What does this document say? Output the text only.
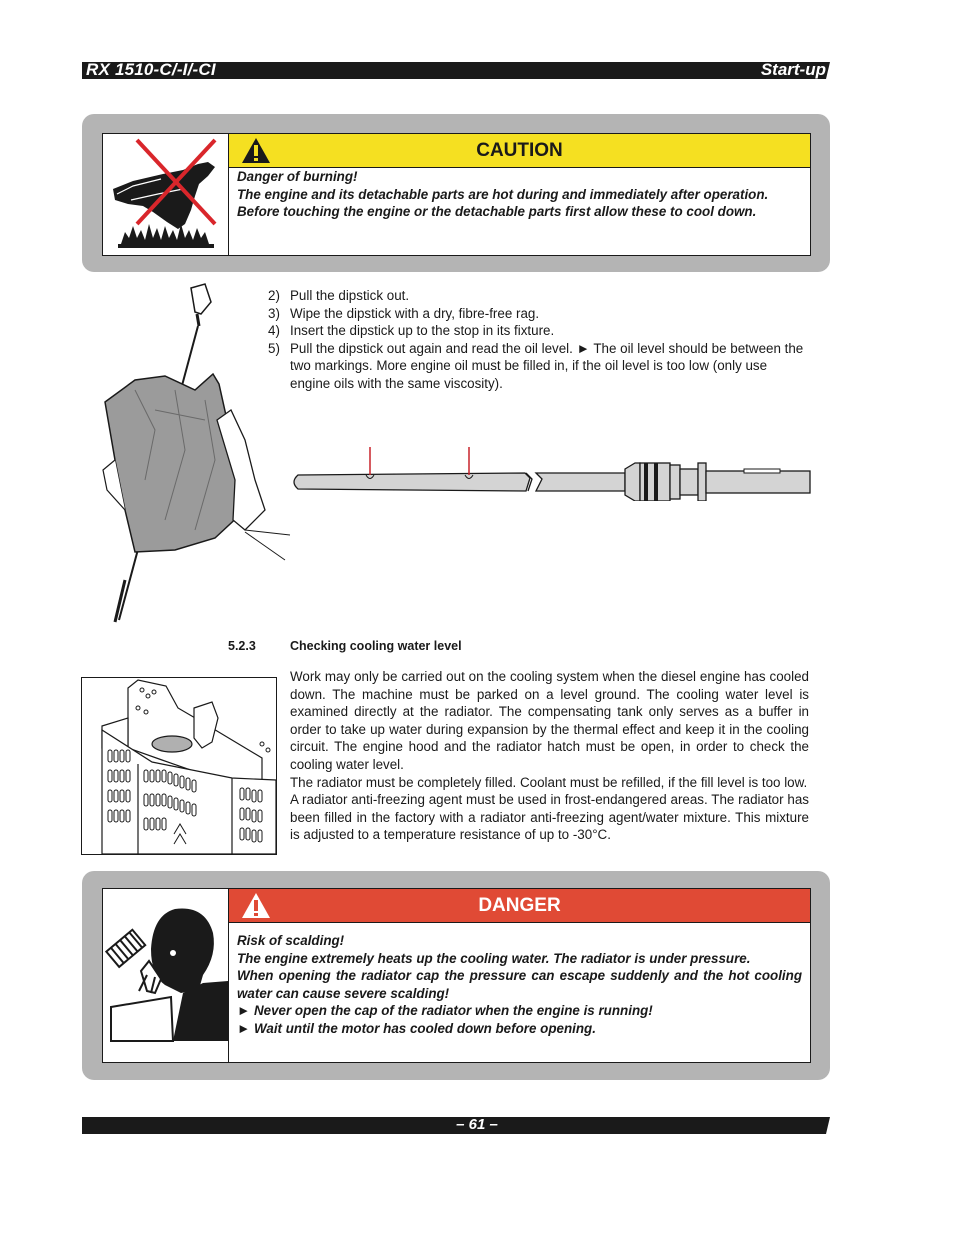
RX 1510-C/-I/-CI	Start-up
CAUTION

Danger of burning!

The engine and its detachable parts are hot during and immediately after operation.

Before touching the engine or the detachable parts first allow these to cool down.

2) Pull the dipstick out.
3) Wipe the dipstick with a dry, fibre-free rag.
4) Insert the dipstick up to the stop in its fixture.
5) Pull the dipstick out again and read the oil level. ► The oil level should be between the two markings. More engine oil must be filled in, if the oil level is too low (only use engine oils with the same viscosity).
5.2.3	Checking cooling water level

Work may only be carried out on the cooling system when the diesel engine has cooled down. The machine must be parked on a level ground. The cooling water level is examined directly at the radiator. The compensating tank only serves as a buffer in order to take up water during expansion by the thermal effect and keep it in the cooling circuit. The engine hood and the radiator hatch must be open, in order to check the cooling water level.

The radiator must be completely filled. Coolant must be refilled, if the fill level is too low.

A radiator anti-freezing agent must be used in frost-endangered areas. The radiator has been filled in the factory with a radiator anti-freezing agent/water mixture. This mixture is adjusted to a temperature resistance of up to -30°C.

DANGER

Risk of scalding!

The engine extremely heats up the cooling water. The radiator is under pressure.

When opening the radiator cap the pressure can escape suddenly and the hot cooling water can cause severe scalding!

► Never open the cap of the radiator when the engine is running!

► Wait until the motor has cooled down before opening.

– 61 –
